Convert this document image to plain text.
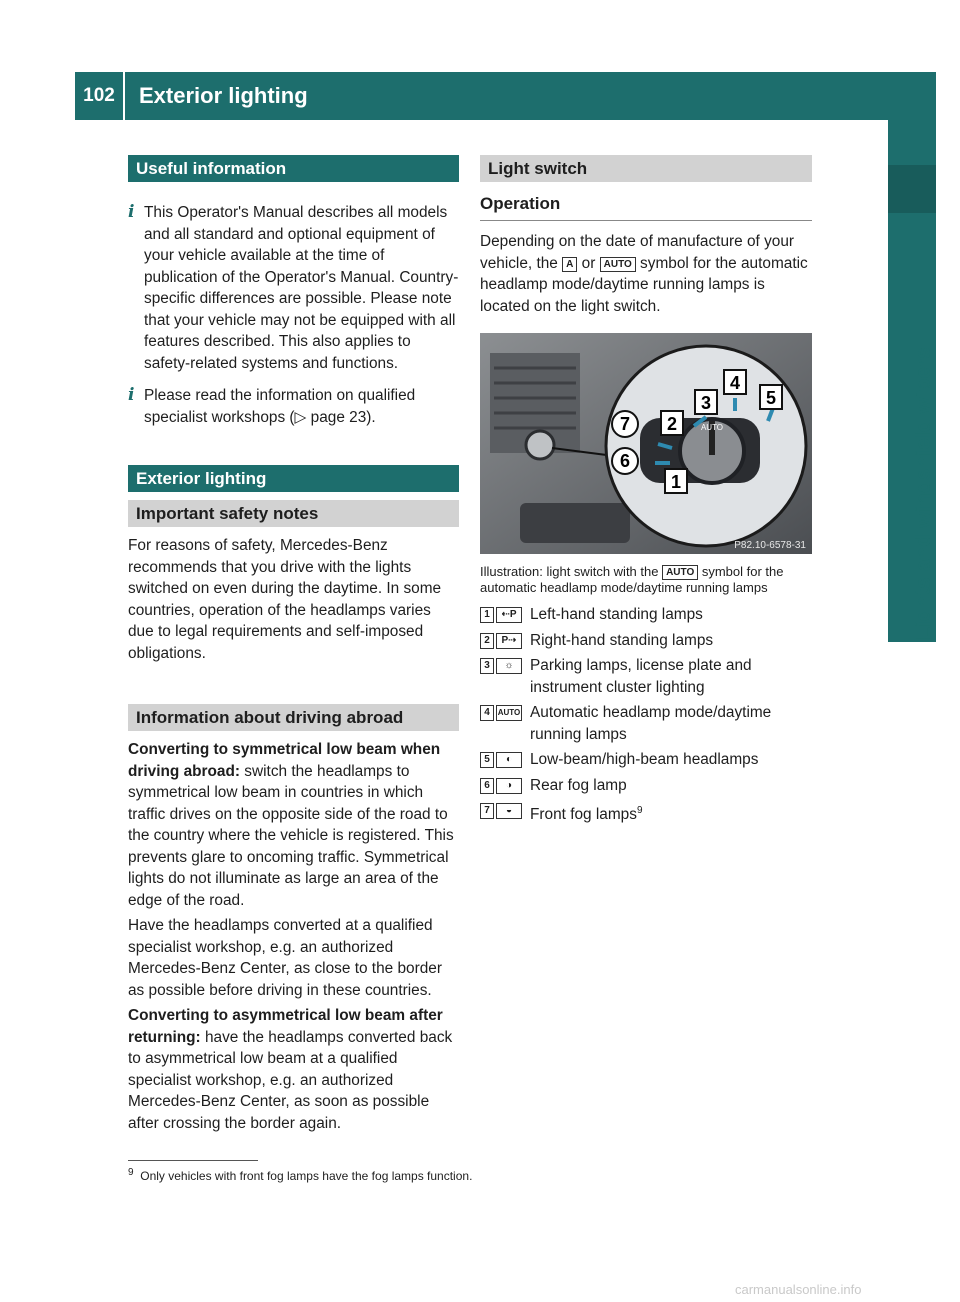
102	Exterior lighting
Lights and windshield wipers
Useful information
i This Operator's Manual describes all models and all standard and optional equipment of your vehicle available at the time of publication of the Operator's Manual. Country-specific differences are possible. Please note that your vehicle may not be equipped with all features described. This also applies to safety-related systems and functions.

i Please read the information on qualified specialist workshops (▷ page 23).

Exterior lighting
Important safety notes

For reasons of safety, Mercedes-Benz recommends that you drive with the lights switched on even during the daytime. In some countries, operation of the headlamps varies due to legal requirements and self-imposed obligations.

Information about driving abroad

Converting to symmetrical low beam when driving abroad: switch the headlamps to symmetrical low beam in countries in which traffic drives on the opposite side of the road to the country where the vehicle is registered. This prevents glare to oncoming traffic. Symmetrical lights do not illuminate as large an area of the edge of the road.

Have the headlamps converted at a qualified specialist workshop, e.g. an authorized Mercedes-Benz Center, as close to the border as possible before driving in these countries.

Converting to asymmetrical low beam after returning: have the headlamps converted back to asymmetrical low beam at a qualified specialist workshop, e.g. an authorized Mercedes-Benz Center, as soon as possible after crossing the border again.

Light switch
Operation

Depending on the date of manufacture of your vehicle, the A or AUTO symbol for the automatic headlamp mode/daytime running lamps is located on the light switch.

AUTO
4
5
3
2
1
7
6
P82.10-6578-31
Illustration: light switch with the AUTO symbol for the automatic headlamp mode/daytime running lamps
1	⇠P Left-hand standing lamps
2	P⇢ Right-hand standing lamps
3	☼	Parking lamps, license plate and instrument cluster lighting
4 AUTO Automatic headlamp mode/daytime running lamps
5	◐	Low-beam/high-beam headlamps
6	◑	Rear fog lamp
7	◒	Front fog lamps$^9$
$^9$ Only vehicles with front fog lamps have the fog lamps function.
carmanualsonline.info
